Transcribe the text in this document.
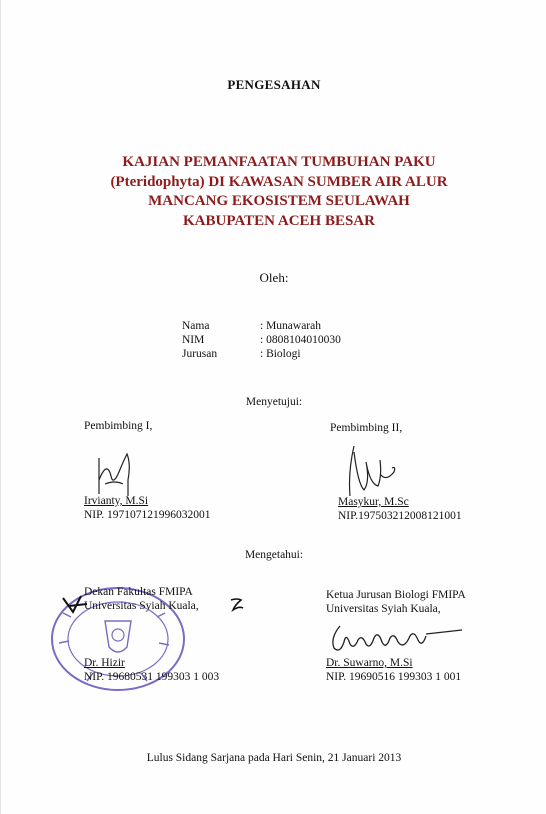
PENGESAHAN
KAJIAN PEMANFAATAN TUMBUHAN PAKU
(Pteridophyta) DI KAWASAN SUMBER AIR ALUR
MANCANG EKOSISTEM SEULAWAH
KABUPATEN ACEH BESAR
Oleh:
Nama	: Munawarah
NIM	: 0808104010030
Jurusan	: Biologi
Menyetujui:
Pembimbing I,
Irvianty, M.Si
NIP. 197107121996032001
Pembimbing II,
Masykur, M.Sc
NIP.197503212008121001
Mengetahui:
Dekan Fakultas FMIPA
Universitas Syiah Kuala,
Dr. Hizir
NIP. 19680531 199303 1 003
Ketua Jurusan Biologi FMIPA
Universitas Syiah Kuala,
Dr. Suwarno, M.Si
NIP. 19690516 199303 1 001
Lulus Sidang Sarjana pada Hari Senin, 21 Januari 2013
